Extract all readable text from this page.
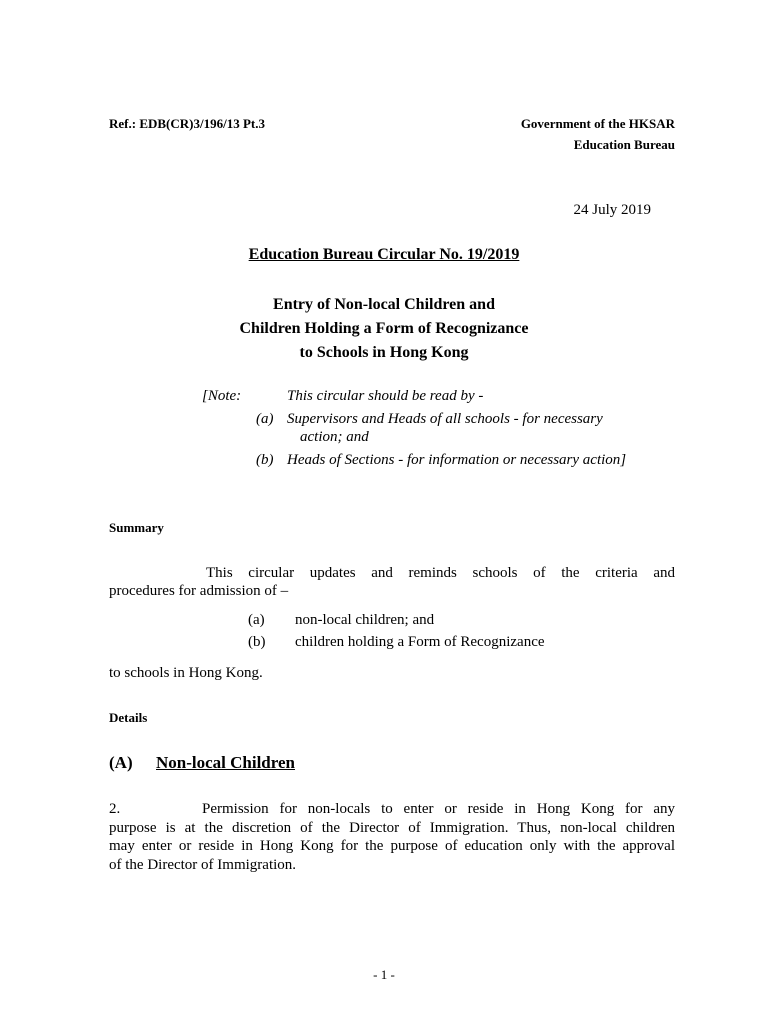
Ref.: EDB(CR)3/196/13 Pt.3	Government of the HKSAR
Education Bureau
24 July 2019
Education Bureau Circular No. 19/2019
Entry of Non-local Children and
Children Holding a Form of Recognizance
to Schools in Hong Kong
[Note:	This circular should be read by -
(a) Supervisors and Heads of all schools - for necessary
action; and
(b) Heads of Sections - for information or necessary action]
Summary
This circular updates and reminds schools of the criteria and
procedures for admission of –
(a) non-local children; and
(b) children holding a Form of Recognizance
to schools in Hong Kong.
Details
(A) Non-local Children
2.	Permission for non-locals to enter or reside in Hong Kong for any
purpose is at the discretion of the Director of Immigration. Thus, non-local children
may enter or reside in Hong Kong for the purpose of education only with the approval
of the Director of Immigration.
- 1 -
